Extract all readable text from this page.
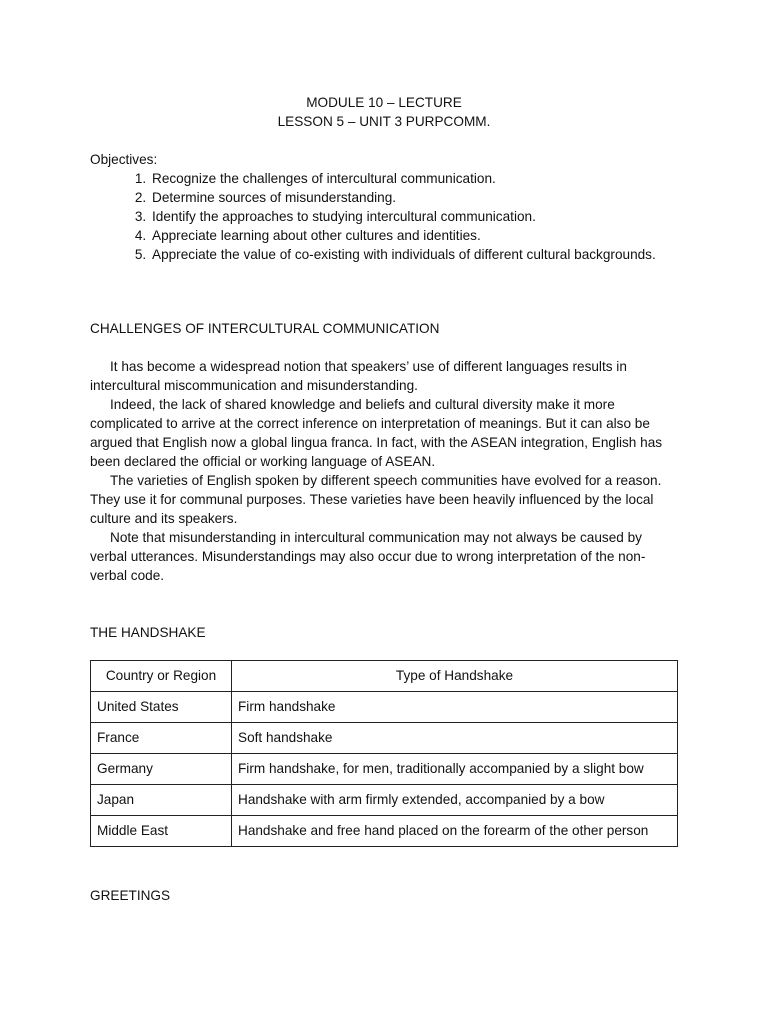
MODULE 10 – LECTURE
LESSON 5 – UNIT 3 PURPCOMM.
Objectives:
1. Recognize the challenges of intercultural communication.
2. Determine sources of misunderstanding.
3. Identify the approaches to studying intercultural communication.
4. Appreciate learning about other cultures and identities.
5. Appreciate the value of co-existing with individuals of different cultural backgrounds.
CHALLENGES OF INTERCULTURAL COMMUNICATION

It has become a widespread notion that speakers’ use of different languages results in intercultural miscommunication and misunderstanding.

Indeed, the lack of shared knowledge and beliefs and cultural diversity make it more complicated to arrive at the correct inference on interpretation of meanings. But it can also be argued that English now a global lingua franca. In fact, with the ASEAN integration, English has been declared the official or working language of ASEAN.

The varieties of English spoken by different speech communities have evolved for a reason. They use it for communal purposes. These varieties have been heavily influenced by the local culture and its speakers.

Note that misunderstanding in intercultural communication may not always be caused by verbal utterances. Misunderstandings may also occur due to wrong interpretation of the non-verbal code.

THE HANDSHAKE
Country or Region	Type of Handshake
United States	Firm handshake
France	Soft handshake
Germany	Firm handshake, for men, traditionally accompanied by a slight bow
Japan	Handshake with arm firmly extended, accompanied by a bow
Middle East	Handshake and free hand placed on the forearm of the other person
GREETINGS
